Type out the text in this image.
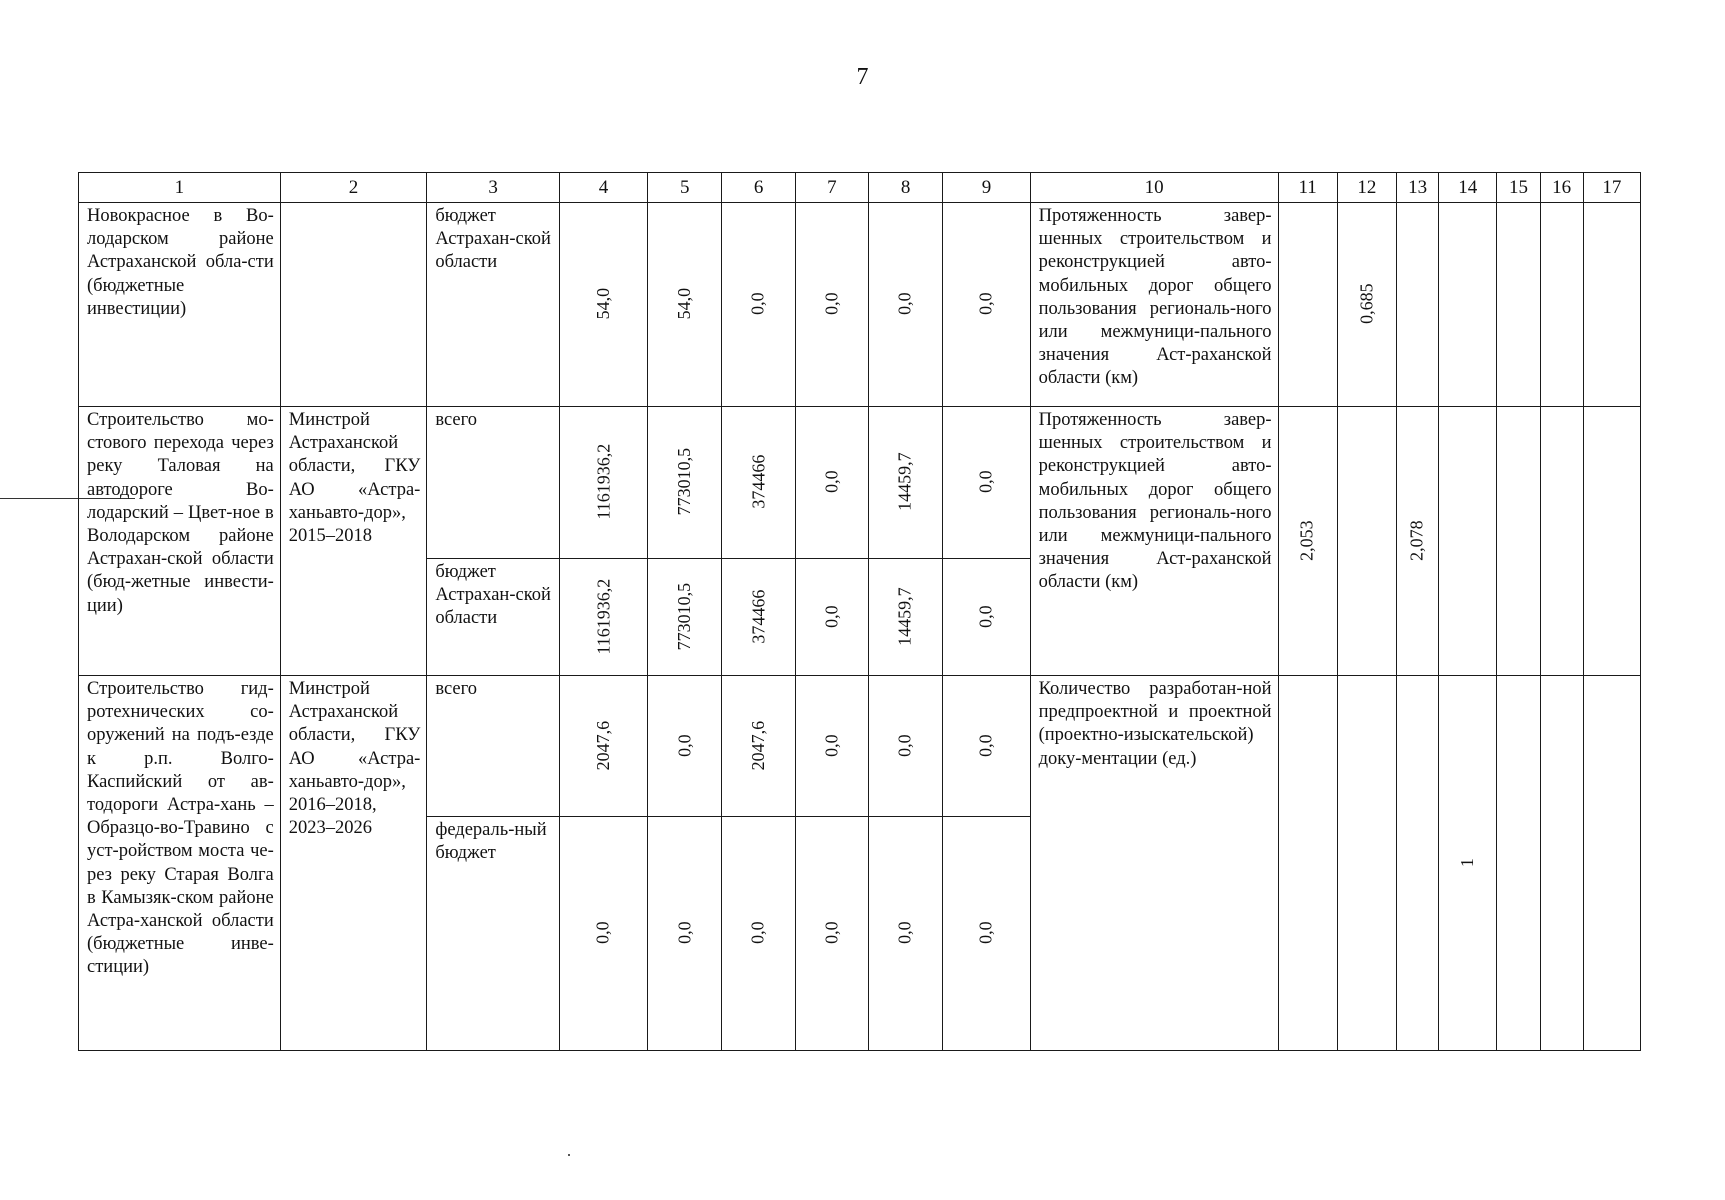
7
1	2	3	4	5	6	7	8	9	10	11	12	13	14	15	16	17
Новокрасное в Во-лодарском районе Астраханской обла-сти (бюджетные инвестиции)		бюджет Астрахан-ской области	54,0	54,0	0,0	0,0	0,0	0,0	Протяженность завер-шенных строительством и реконструкцией авто-мобильных дорог общего пользования региональ-ного или межмуници-пального значения Аст-раханской области (км)		0,685					
Строительство мо-стового перехода через реку Таловая на автодороге Во-лодарский – Цвет-ное в Володарском районе Астрахан-ской области (бюд-жетные инвести-ции)	Минстрой Астраханской области, ГКУ АО «Астра-ханьавто-дор», 2015–2018	всего	1161936,2	773010,5	374466	0,0	14459,7	0,0	Протяженность завер-шенных строительством и реконструкцией авто-мобильных дорог общего пользования региональ-ного или межмуници-пального значения Аст-раханской области (км)	2,053		2,078				
		бюджет Астрахан-ской области	1161936,2	773010,5	374466	0,0	14459,7	0,0								
Строительство гид-ротехнических со-оружений на подъ-езде к р.п. Волго-Каспийский от ав-тодороги Астра-хань – Образцо-во-Травино с уст-ройством моста че-рез реку Старая Волга в Камызяк-ском районе Астра-ханской области (бюджетные инве-стиции)	Минстрой Астраханской области, ГКУ АО «Астра-ханьавто-дор», 2016–2018, 2023–2026	всего	2047,6	0,0	2047,6	0,0	0,0	0,0	Количество разработан-ной предпроектной и проектной (проектно-изыскательской) доку-ментации (ед.)				1			
		федераль-ный бюджет	0,0	0,0	0,0	0,0	0,0	0,0								
